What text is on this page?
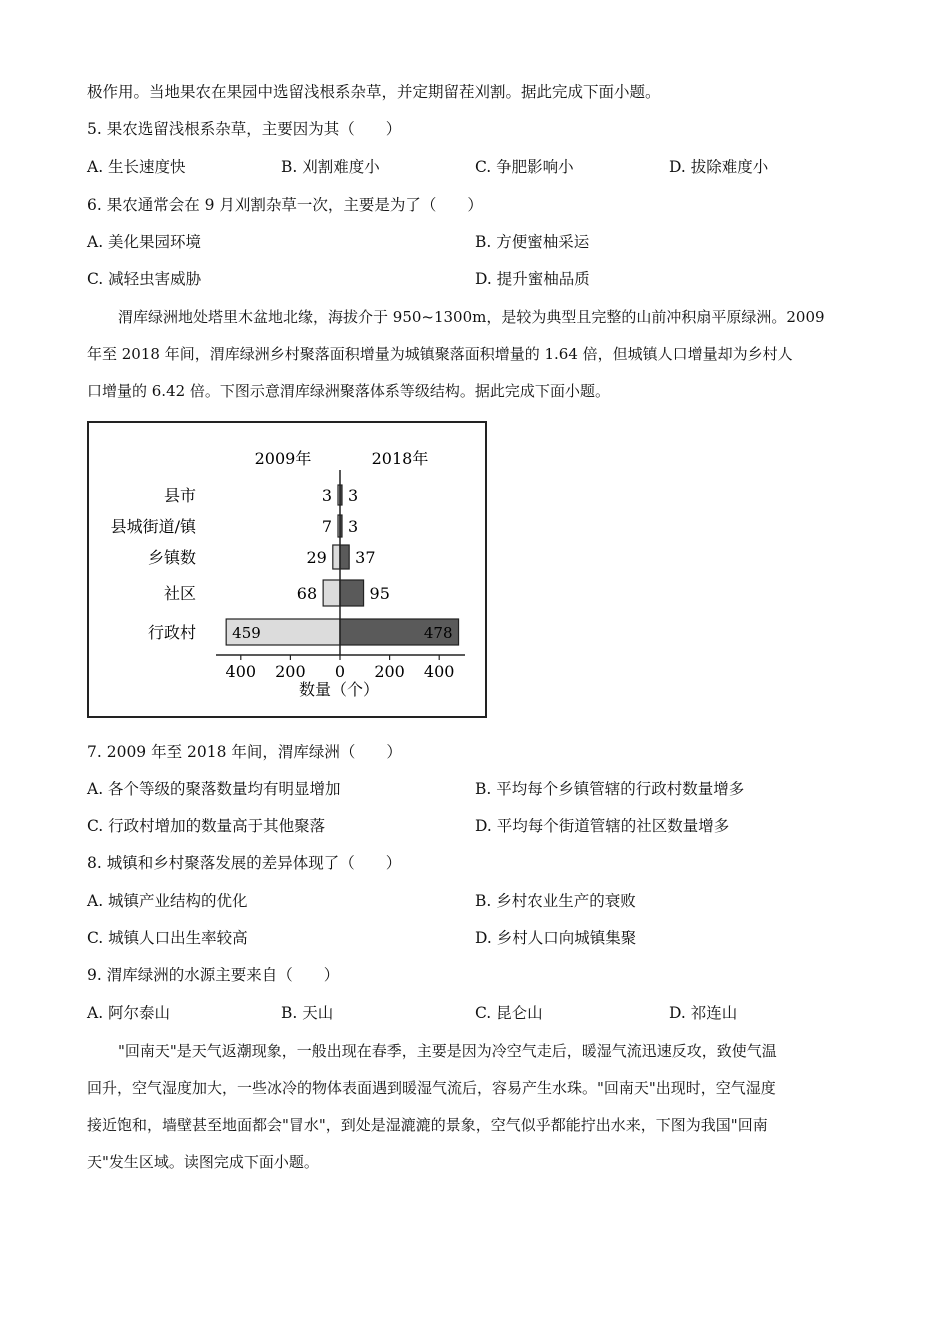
极作用。当地果农在果园中选留浅根系杂草，并定期留茬刈割。据此完成下面小题。
5. 果农选留浅根系杂草，主要因为其（　　）
A. 生长速度快	B. 刈割难度小	C. 争肥影响小	D. 拔除难度小
6. 果农通常会在 9 月刈割杂草一次，主要是为了（　　）
A. 美化果园环境	B. 方便蜜柚采运
C. 减轻虫害威胁	D. 提升蜜柚品质
渭库绿洲地处塔里木盆地北缘，海拔介于 950~1300m，是较为典型且完整的山前冲积扇平原绿洲。2009
年至 2018 年间，渭库绿洲乡村聚落面积增量为城镇聚落面积增量的 1.64 倍，但城镇人口增量却为乡村人
口增量的 6.42 倍。下图示意渭库绿洲聚落体系等级结构。据此完成下面小题。
2009年	2018年
县市
县城街道/镇
乡镇数
社区
行政村
3 3
7 3
29 37
68	95
459	478
400 200 0 200 400
数量（个）
7. 2009 年至 2018 年间，渭库绿洲（　　）
A. 各个等级的聚落数量均有明显增加	B. 平均每个乡镇管辖的行政村数量增多
C. 行政村增加的数量高于其他聚落	D. 平均每个街道管辖的社区数量增多
8. 城镇和乡村聚落发展的差异体现了（　　）
A. 城镇产业结构的优化	B. 乡村农业生产的衰败
C. 城镇人口出生率较高	D. 乡村人口向城镇集聚
9. 渭库绿洲的水源主要来自（　　）
A. 阿尔泰山	B. 天山	C. 昆仑山	D. 祁连山
"回南天"是天气返潮现象，一般出现在春季，主要是因为冷空气走后，暖湿气流迅速反攻，致使气温
回升，空气湿度加大，一些冰冷的物体表面遇到暖湿气流后，容易产生水珠。"回南天"出现时，空气湿度
接近饱和，墙壁甚至地面都会"冒水"，到处是湿漉漉的景象，空气似乎都能拧出水来，下图为我国"回南
天"发生区域。读图完成下面小题。
